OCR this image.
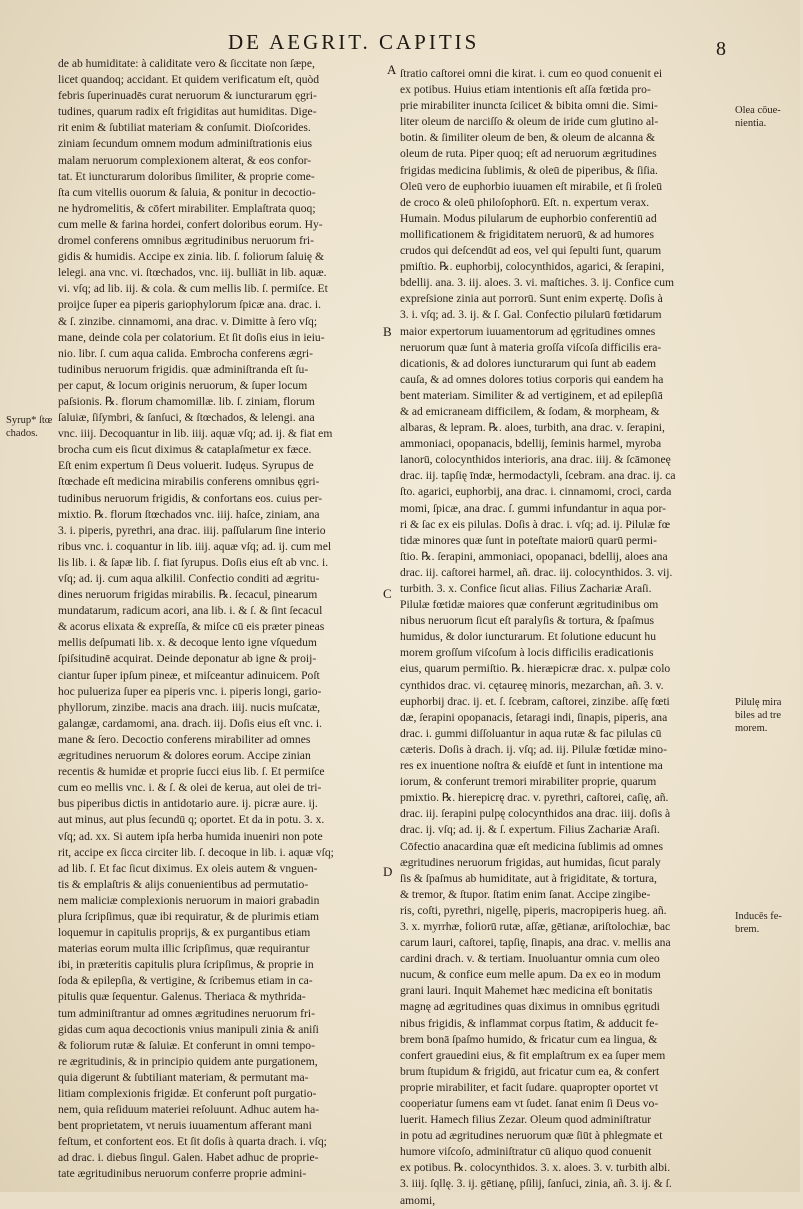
DE AEGRIT. CAPITIS	8
de ab humiditate: à caliditate vero & ſiccitate non ſæpe,
licet quandoq; accidant. Et quidem verificatum eſt, quòd
febris ſuperinuadēs curat neruorum & iuncturarum ęgri-
tudines, quarum radix eſt frigiditas aut humiditas. Dige-
rit enim & ſubtiliat materiam & conſumit. Dioſcorides.
ziniam ſecundum omnem modum adminiſtrationis eius
malam neruorum complexionem alterat, & eos confor-
tat. Et iuncturarum doloribus ſimiliter, & proprie come-
ſta cum vitellis ouorum & ſaluia, & ponitur in decoctio-
ne hydromelitis, & cōfert mirabiliter. Emplaſtrata quoq;
cum melle & farina hordei, confert doloribus eorum. Hy-
dromel conferens omnibus ægritudinibus neruorum fri-
gidis & humidis. Accipe ex zinia. lib. ſ. foliorum ſaluię &
lelegi. ana vnc. vi. ſtœchados, vnc. iij. bulliāt in lib. aquæ.
vi. vſq; ad lib. iij. & cola. & cum mellis lib. ſ. permiſce. Et
proijce ſuper ea piperis gariophylorum ſpicæ ana. drac. i.
& ſ. zinzibe. cinnamomi, ana drac. v. Dimitte à ſero vſq;
mane, deinde cola per colatorium. Et ſit doſis eius in ieiu-
nio. libr. ſ. cum aqua calida. Embrocha conferens ægri-
tudinibus neruorum frigidis. quæ adminiſtranda eſt ſu-
per caput, & locum originis neruorum, & ſuper locum
paſsionis. ℞. florum chamomillæ. lib. ſ. ziniam, florum
ſaluiæ, ſiſymbri, & ſanſuci, & ſtœchados, & lelengi. ana
vnc. iiij. Decoquantur in lib. iiij. aquæ vſq; ad. ij. & fiat em
brocha cum eis ſicut diximus & cataplaſmetur ex fæce.
Eſt enim expertum ſi Deus voluerit. Iudęus. Syrupus de
ſtœchade eſt medicina mirabilis conferens omnibus ęgri-
tudinibus neruorum frigidis, & confortans eos. cuius per-
mixtio. ℞. florum ſtœchados vnc. iiij. haſce, ziniam, ana
3. i. piperis, pyrethri, ana drac. iiij. paſſularum ſine interio
ribus vnc. i. coquantur in lib. iiij. aquæ vſq; ad. ij. cum mel
lis lib. i. & ſapæ lib. ſ. fiat ſyrupus. Doſis eius eſt ab vnc. i.
vſq; ad. ij. cum aqua alkilil. Confectio conditi ad ægritu-
dines neruorum frigidas mirabilis. ℞. ſecacul, pinearum
mundatarum, radicum acori, ana lib. i. & ſ. & ſint ſecacul
& acorus elixata & expreſſa, & miſce cū eis præter pineas
mellis deſpumati lib. x. & decoque lento igne vſquedum
ſpiſsitudinē acquirat. Deinde deponatur ab igne & proij-
ciantur ſuper ipſum pineæ, et miſceantur adinuicem. Poſt
hoc pulueriza ſuper ea piperis vnc. i. piperis longi, gario-
phyllorum, zinzibe. macis ana drach. iiij. nucis muſcatæ,
galangæ, cardamomi, ana. drach. iij. Doſis eius eſt vnc. i.
mane & ſero. Decoctio conferens mirabiliter ad omnes
ægritudines neruorum & dolores eorum. Accipe zinian
recentis & humidæ et proprie ſucci eius lib. ſ. Et permiſce
cum eo mellis vnc. i. & ſ. & olei de kerua, aut olei de tri-
bus piperibus dictis in antidotario aure. ij. picræ aure. ij.
aut minus, aut plus ſecundū q; oportet. Et da in potu. 3. x.
vſq; ad. xx. Si autem ipſa herba humida inueniri non pote
rit, accipe ex ſicca circiter lib. ſ. decoque in lib. i. aquæ vſq;
ad lib. ſ. Et fac ſicut diximus. Ex oleis autem & vnguen-
tis & emplaſtris & alijs conuenientibus ad permutatio-
nem maliciæ complexionis neruorum in maiori grabadin
plura ſcripſimus, quæ ibi requiratur, & de plurimis etiam
loquemur in capitulis proprijs, & ex purgantibus etiam
materias eorum multa illic ſcripſimus, quæ requirantur
ibi, in præteritis capitulis plura ſcripſimus, & proprie in
ſoda & epilepſia, & vertigine, & ſcribemus etiam in ca-
pitulis quæ ſequentur. Galenus. Theriaca & mythrida-
tum adminiſtrantur ad omnes ægritudines neruorum fri-
gidas cum aqua decoctionis vnius manipuli zinia & aniſi
& foliorum rutæ & ſaluiæ. Et conferunt in omni tempo-
re ægritudinis, & in principio quidem ante purgationem,
quia digerunt & ſubtiliant materiam, & permutant ma-
litiam complexionis frigidæ. Et conferunt poſt purgatio-
nem, quia reſiduum materiei reſoluunt. Adhuc autem ha-
bent proprietatem, vt neruis iuuamentum afferant mani
feſtum, et confortent eos. Et ſit doſis à quarta drach. i. vſq;
ad drac. i. diebus ſingul. Galen. Habet adhuc de proprie-
tate ægritudinibus neruorum conferre proprie admini-
ſtratio caſtorei omni die kirat. i. cum eo quod conuenit ei
ex potibus. Huius etiam intentionis eſt aſſa fœtida pro-
prie mirabiliter inuncta ſcilicet & bibita omni die. Simi-
liter oleum de narciſſo & oleum de iride cum glutino al-
botin. & ſimiliter oleum de ben, & oleum de alcanna &
oleum de ruta. Piper quoq; eſt ad neruorum ægritudines
frigidas medicina ſublimis, & oleū de piperibus, & ſiſia.
Oleū vero de euphorbio iuuamen eſt mirabile, et ſi ſroleū
de croco & oleū philoſophorū. Eſt. n. expertum verax.
Humain. Modus pilularum de euphorbio conferentiū ad
mollificationem & frigiditatem neruorū, & ad humores
crudos qui deſcendūt ad eos, vel qui ſepulti ſunt, quarum
pmiſtio. ℞. euphorbij, colocynthidos, agarici, & ſerapini,
bdellij. ana. 3. iij. aloes. 3. vi. maſtiches. 3. ij. Confice cum
expreſsione zinia aut porrorū. Sunt enim expertę. Doſis à
3. i. vſq; ad. 3. ij. & ſ. Gal. Confectio pilularū fœtidarum
maior expertorum iuuamentorum ad ęgritudines omnes
neruorum quæ ſunt à materia groſſa viſcoſa difficilis era-
dicationis, & ad dolores iuncturarum qui ſunt ab eadem
cauſa, & ad omnes dolores totius corporis qui eandem ha
bent materiam. Similiter & ad vertiginem, et ad epilepſiā
& ad emicraneam difficilem, & ſodam, & morpheam, &
albaras, & lepram. ℞. aloes, turbith, ana drac. v. ſerapini,
ammoniaci, opopanacis, bdellij, ſeminis harmel, myroba
lanorū, colocynthidos interioris, ana drac. iiij. & ſcāmoneę
drac. iij. tapſię īndæ, hermodactyli, ſcebram. ana drac. ij. ca
ſto. agarici, euphorbij, ana drac. i. cinnamomi, croci, carda
momi, ſpicæ, ana drac. ſ. gummi infundantur in aqua por-
ri & ſac ex eis pilulas. Doſis à drac. i. vſq; ad. ij. Pilulæ fœ
tidæ minores quæ ſunt in poteſtate maiorū quarū permi-
ſtio. ℞. ſerapini, ammoniaci, opopanaci, bdellij, aloes ana
drac. iij. caſtorei harmel, añ. drac. iij. colocynthidos. 3. vij.
turbith. 3. x. Confice ſicut alias. Filius Zachariæ Araſi.
Pilulæ fœtidæ maiores quæ conferunt ægritudinibus om
nibus neruorum ſicut eſt paralyſis & tortura, & ſpaſmus
humidus, & dolor iuncturarum. Et ſolutione educunt hu
morem groſſum viſcoſum à locis difficilis eradicationis
eius, quarum permiſtio. ℞. hieræpicræ drac. x. pulpæ colo
cynthidos drac. vi. cętaureę minoris, mezarchan, añ. 3. v.
euphorbij drac. ij. et. ſ. ſcebram, caſtorei, zinzibe. aſſę fœti
dæ, ſerapini opopanacis, ſetaragi indi, ſinapis, piperis, ana
drac. i. gummi diſſoluantur in aqua rutæ & fac pilulas cū
cæteris. Doſis à drach. ij. vſq; ad. iij. Pilulæ fœtidæ mino-
res ex inuentione noſtra & eiuſdē et ſunt in intentione ma
iorum, & conferunt tremori mirabiliter proprie, quarum
pmixtio. ℞. hierepicrę drac. v. pyrethri, caſtorei, caſię, añ.
drac. iij. ſerapini pulpę colocynthidos ana drac. iiij. doſis à
drac. ij. vſq; ad. ij. & ſ. expertum. Filius Zachariæ Araſi.
Cōfectio anacardina quæ eſt medicina ſublimis ad omnes
ægritudines neruorum frigidas, aut humidas, ſicut paraly
ſis & ſpaſmus ab humiditate, aut à frigiditate, & tortura,
& tremor, & ſtupor. ſtatim enim ſanat. Accipe zingibe-
ris, coſti, pyrethri, nigellę, piperis, macropiperis hueg. añ.
3. x. myrrhæ, foliorū rutæ, aſſæ, gētianæ, ariſtolochiæ, bac
carum lauri, caſtorei, tapſię, ſinapis, ana drac. v. mellis ana
cardini drach. v. & tertiam. Inuoluantur omnia cum oleo
nucum, & confice eum melle apum. Da ex eo in modum
grani lauri. Inquit Mahemet hæc medicina eſt bonitatis
magnę ad ægritudines quas diximus in omnibus ęgritudi
nibus frigidis, & inflammat corpus ſtatim, & adducit fe-
brem bonā ſpaſmo humido, & fricatur cum ea lingua, &
confert grauedini eius, & fit emplaſtrum ex ea ſuper mem
brum ſtupidum & frigidū, aut fricatur cum ea, & confert
proprie mirabiliter, et facit ſudare. quapropter oportet vt
cooperiatur ſumens eam vt ſudet. ſanat enim ſi Deus vo-
luerit. Hamech filius Zezar. Oleum quod adminiſtratur
in potu ad ægritudines neruorum quæ ſiūt à phlegmate et
humore viſcoſo, adminiſtratur cū aliquo quod conuenit
ex potibus. ℞. colocynthidos. 3. x. aloes. 3. v. turbith albi.
3. iiij. ſqllę. 3. ij. gētianę, pſilij, ſanſuci, zinia, añ. 3. ij. & ſ.
amomi,
A
B
C
D
Syrup* ſtœ
chados.
Olea cōue-
nientia.
Pilulę mira
biles ad tre
morem.
Inducēs fe-
brem.
